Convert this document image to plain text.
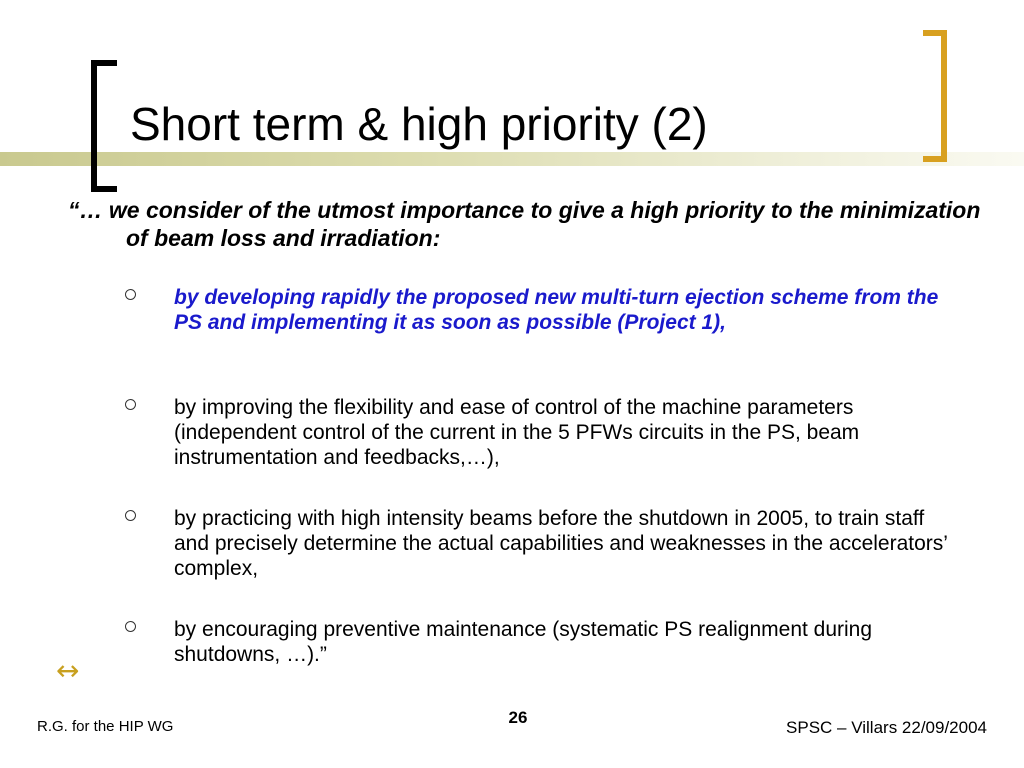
Short term & high priority (2)
“… we consider of the utmost importance to give a high priority to the minimization of beam loss and irradiation:
by developing rapidly the proposed new multi-turn ejection scheme from the PS and implementing it as soon as possible (Project 1),
by improving the flexibility and ease of control of the machine parameters (independent control of the current in the 5 PFWs circuits in the PS, beam instrumentation and feedbacks,…),
by practicing with high intensity beams before the shutdown in 2005, to train staff and precisely determine the actual capabilities and weaknesses in the accelerators’ complex,
by encouraging preventive maintenance (systematic PS realignment during shutdowns, …).”
↔
R.G. for the HIP WG	26
SPSC – Villars 22/09/2004
